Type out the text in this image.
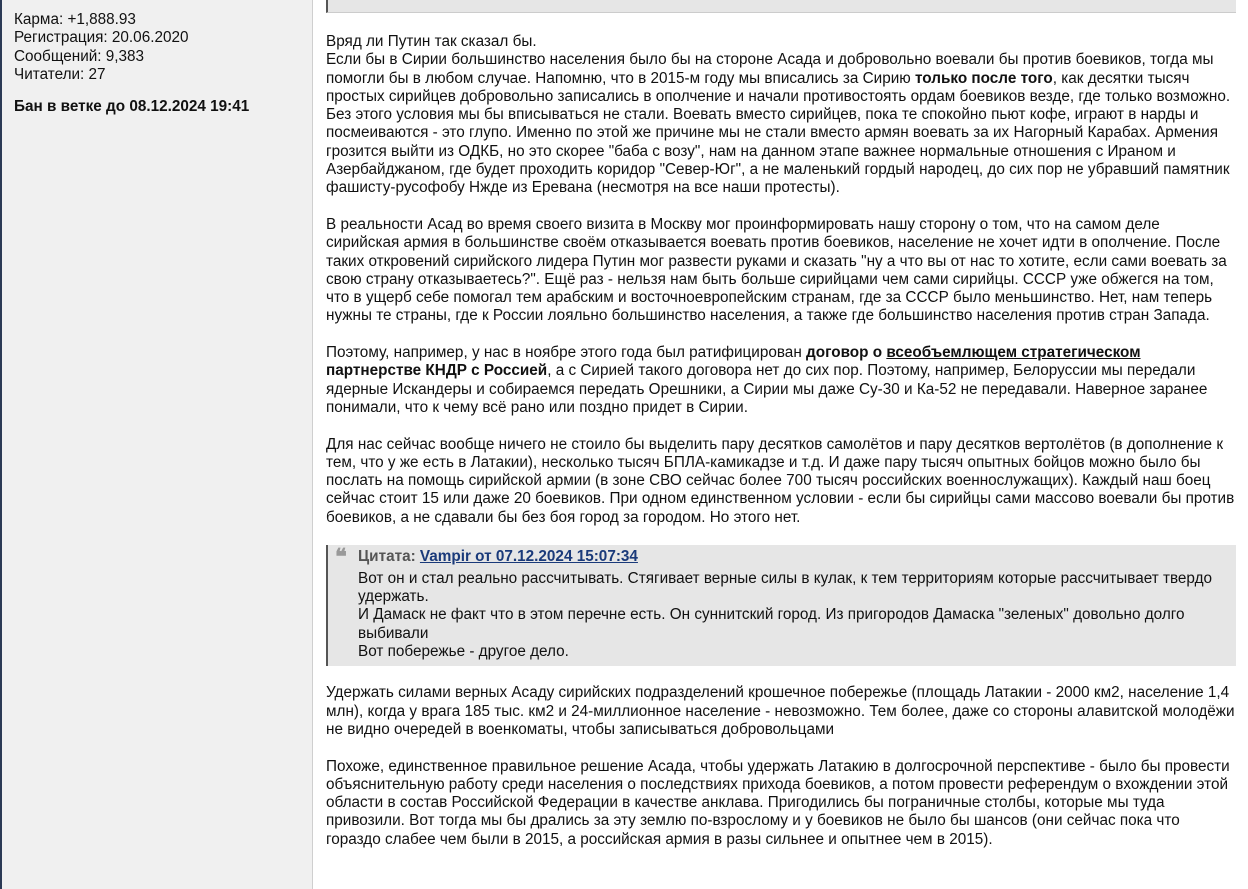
Карма: +1,888.93
Регистрация: 20.06.2020
Сообщений: 9,383
Читатели: 27
Бан в ветке до 08.12.2024 19:41

Вряд ли Путин так сказал бы.
Если бы в Сирии большинство населения было бы на стороне Асада и добровольно воевали бы против боевиков, тогда мы помогли бы в любом случае. Напомню, что в 2015-м году мы вписались за Сирию только после того, как десятки тысяч простых сирийцев добровольно записались в ополчение и начали противостоять ордам боевиков везде, где только возможно. Без этого условия мы бы вписываться не стали. Воевать вместо сирийцев, пока те спокойно пьют кофе, играют в нарды и посмеиваются - это глупо. Именно по этой же причине мы не стали вместо армян воевать за их Нагорный Карабах. Армения грозится выйти из ОДКБ, но это скорее "баба с возу", нам на данном этапе важнее нормальные отношения с Ираном и Азербайджаном, где будет проходить коридор "Север-Юг", а не маленький гордый народец, до сих пор не убравший памятник фашисту-русофобу Нжде из Еревана (несмотря на все наши протесты).

В реальности Асад во время своего визита в Москву мог проинформировать нашу сторону о том, что на самом деле сирийская армия в большинстве своём отказывается воевать против боевиков, население не хочет идти в ополчение. После таких откровений сирийского лидера Путин мог развести руками и сказать "ну а что вы от нас то хотите, если сами воевать за свою страну отказываетесь?". Ещё раз - нельзя нам быть больше сирийцами чем сами сирийцы. СССР уже обжегся на том, что в ущерб себе помогал тем арабским и восточноевропейским странам, где за СССР было меньшинство. Нет, нам теперь нужны те страны, где к России лояльно большинство населения, а также где большинство населения против стран Запада.

Поэтому, например, у нас в ноябре этого года был ратифицирован договор о всеобъемлющем стратегическом
партнерстве КНДР с Россией, а с Сирией такого договора нет до сих пор. Поэтому, например, Белоруссии мы передали ядерные Искандеры и собираемся передать Орешники, а Сирии мы даже Су-30 и Ка-52 не передавали. Наверное заранее понимали, что к чему всё рано или поздно придет в Сирии.

Для нас сейчас вообще ничего не стоило бы выделить пару десятков самолётов и пару десятков вертолётов (в дополнение к тем, что у же есть в Латакии), несколько тысяч БПЛА-камикадзе и т.д. И даже пару тысяч опытных бойцов можно было бы послать на помощь сирийской армии (в зоне СВО сейчас более 700 тысяч российских военнослужащих). Каждый наш боец сейчас стоит 15 или даже 20 боевиков. При одном единственном условии - если бы сирийцы сами массово воевали бы против боевиков, а не сдавали бы без боя город за городом. Но этого нет.

❝ Цитата: Vampir от 07.12.2024 15:07:34
Вот он и стал реально рассчитывать. Стягивает верные силы в кулак, к тем территориям которые рассчитывает твердо удержать.
И Дамаск не факт что в этом перечне есть. Он суннитский город. Из пригородов Дамаска "зеленых" довольно долго выбивали
Вот побережье - другое дело.

Удержать силами верных Асаду сирийских подразделений крошечное побережье (площадь Латакии - 2000 км2, население 1,4 млн), когда у врага 185 тыс. км2 и 24-миллионное население - невозможно. Тем более, даже со стороны алавитской молодёжи не видно очередей в военкоматы, чтобы записываться добровольцами

Похоже, единственное правильное решение Асада, чтобы удержать Латакию в долгосрочной перспективе - было бы провести объяснительную работу среди населения о последствиях прихода боевиков, а потом провести референдум о вхождении этой области в состав Российской Федерации в качестве анклава. Пригодились бы пограничные столбы, которые мы туда привозили. Вот тогда мы бы дрались за эту землю по-взрослому и у боевиков не было бы шансов (они сейчас пока что гораздо слабее чем были в 2015, а российская армия в разы сильнее и опытнее чем в 2015).
